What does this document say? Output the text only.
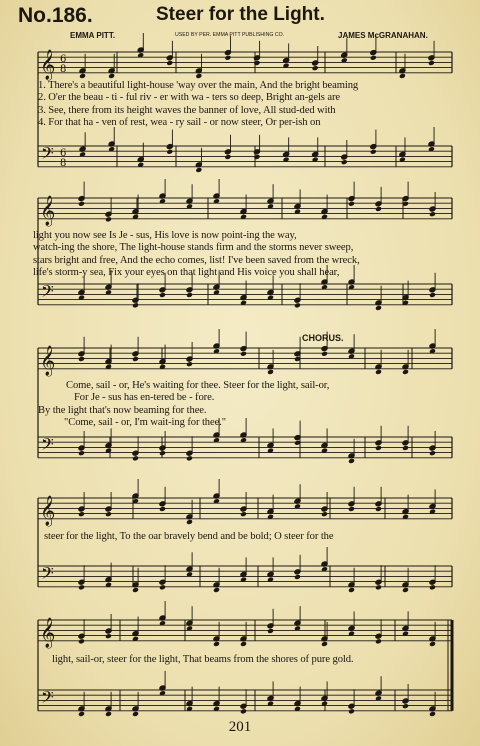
No.186.	Steer for the Light.
EMMA PITT.	USED BY PER. EMMA PITT PUBLISHING CO.	JAMES McGRANAHAN.
𝄞
𝄢
6
8
6
8
𝄞
𝄢
𝄞
𝄢
𝄞
𝄢
𝄞
𝄢
1. There's a beautiful light-house 'way over the main, And the bright beaming
2. O'er the beau - ti - ful riv - er with wa - ters so deep, Bright an-gels are
3. See, there from its height waves the banner of love, All stud-ded with
4. For that ha - ven of rest, wea - ry sail - or now steer, Or per-ish on
light you now see Is Je - sus, His love is now point-ing the way,
watch-ing the shore, The light-house stands firm and the storms never sweep,
stars bright and free, And the echo comes, list! I've been saved from the wreck,
life's storm-y sea, Fix your eyes on that light and His voice you shall hear,
CHORUS.
Come, sail - or, He's waiting for thee. Steer for the light, sail-or,
For Je - sus has en-tered be - fore.
By the light that's now beaming for thee.
"Come, sail - or, I'm wait-ing for thee."
steer for the light, To the oar bravely bend and be bold; O steer for the
light, sail-or, steer for the light, That beams from the shores of pure gold.
201
